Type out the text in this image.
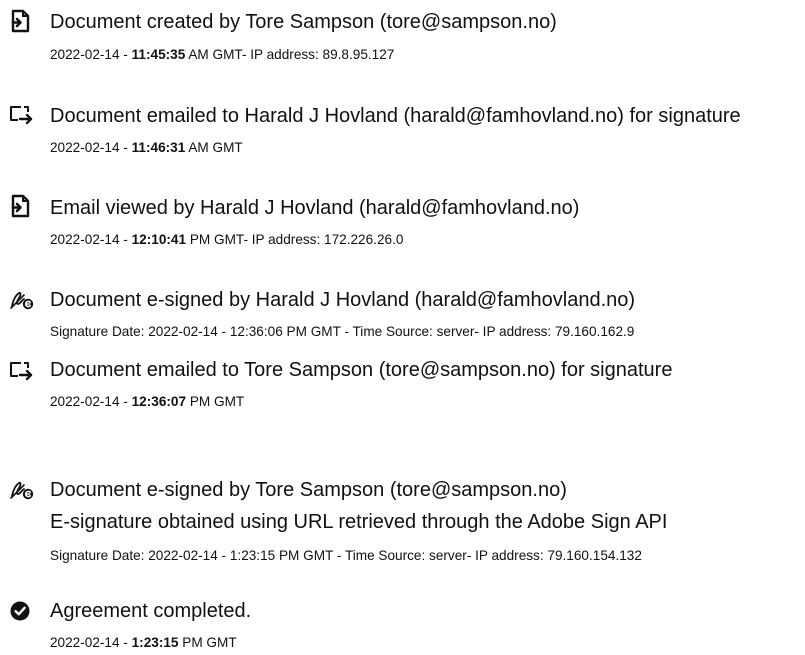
Document created by Tore Sampson (tore@sampson.no)
2022-02-14 - 11:45:35 AM GMT- IP address: 89.8.95.127
Document emailed to Harald J Hovland (harald@famhovland.no) for signature
2022-02-14 - 11:46:31 AM GMT
Email viewed by Harald J Hovland (harald@famhovland.no)
2022-02-14 - 12:10:41 PM GMT- IP address: 172.226.26.0
Document e-signed by Harald J Hovland (harald@famhovland.no)
Signature Date: 2022-02-14 - 12:36:06 PM GMT - Time Source: server- IP address: 79.160.162.9
Document emailed to Tore Sampson (tore@sampson.no) for signature
2022-02-14 - 12:36:07 PM GMT
Document e-signed by Tore Sampson (tore@sampson.no)
E-signature obtained using URL retrieved through the Adobe Sign API
Signature Date: 2022-02-14 - 1:23:15 PM GMT - Time Source: server- IP address: 79.160.154.132
Agreement completed.
2022-02-14 - 1:23:15 PM GMT
